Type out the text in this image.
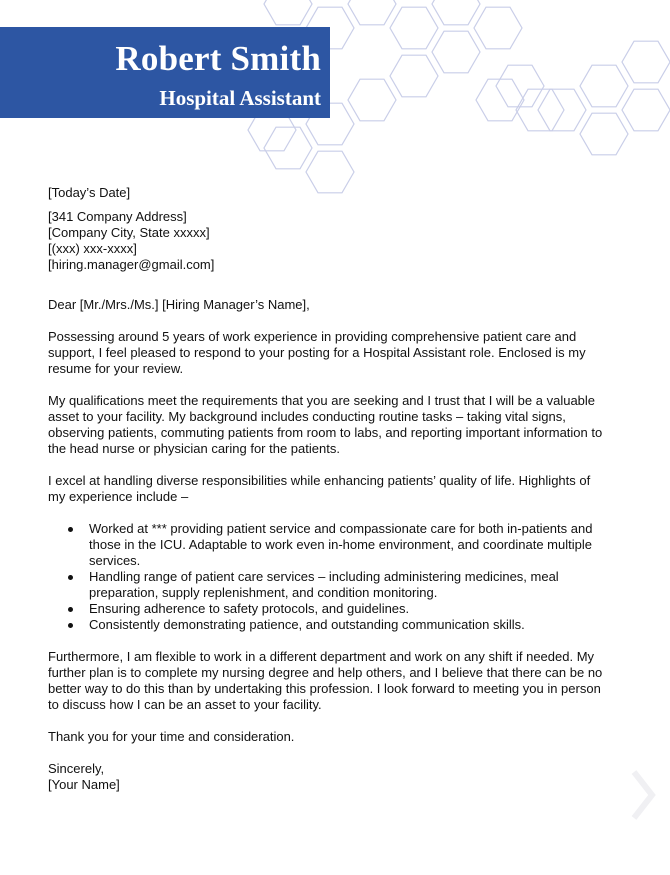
Robert Smith
Hospital Assistant
[Today’s Date]
[341 Company Address]
[Company City, State xxxxx]
[(xxx) xxx-xxxx]
[hiring.manager@gmail.com]
Dear [Mr./Mrs./Ms.] [Hiring Manager’s Name],
Possessing around 5 years of work experience in providing comprehensive patient care and
support, I feel pleased to respond to your posting for a Hospital Assistant role. Enclosed is my
resume for your review.
My qualifications meet the requirements that you are seeking and I trust that I will be a valuable
asset to your facility. My background includes conducting routine tasks – taking vital signs,
observing patients, commuting patients from room to labs, and reporting important information to
the head nurse or physician caring for the patients.
I excel at handling diverse responsibilities while enhancing patients’ quality of life. Highlights of
my experience include –
Worked at *** providing patient service and compassionate care for both in-patients and
those in the ICU. Adaptable to work even in-home environment, and coordinate multiple
services.
Handling range of patient care services – including administering medicines, meal
preparation, supply replenishment, and condition monitoring.
Ensuring adherence to safety protocols, and guidelines.
Consistently demonstrating patience, and outstanding communication skills.
Furthermore, I am flexible to work in a different department and work on any shift if needed. My
further plan is to complete my nursing degree and help others, and I believe that there can be no
better way to do this than by undertaking this profession. I look forward to meeting you in person
to discuss how I can be an asset to your facility.
Thank you for your time and consideration.
Sincerely,
[Your Name]
